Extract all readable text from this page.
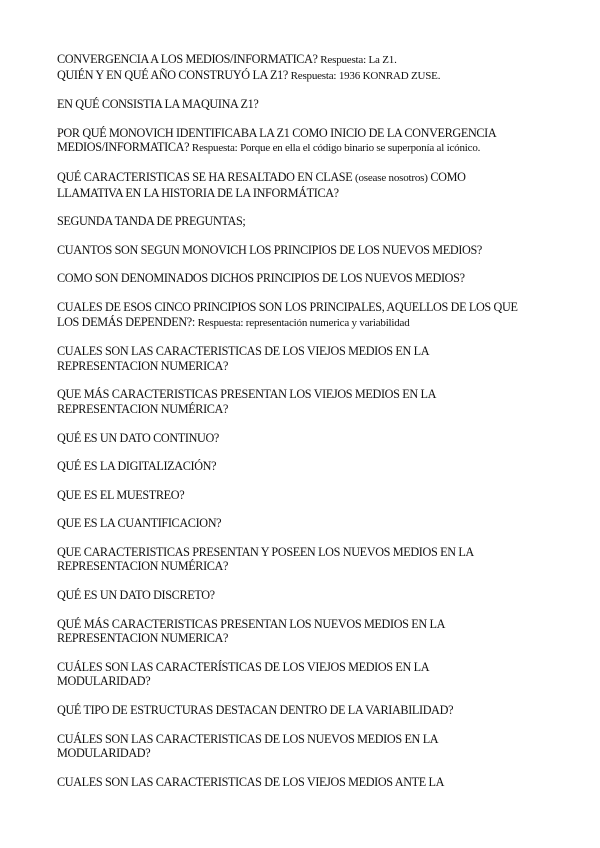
CONVERGENCIA A LOS MEDIOS/INFORMATICA? Respuesta: La Z1.
QUIÉN Y EN QUÉ AÑO CONSTRUYÓ LA Z1? Respuesta: 1936 KONRAD ZUSE.

EN QUÉ CONSISTIA LA MAQUINA Z1?

POR QUÉ MONOVICH IDENTIFICABA LA Z1 COMO INICIO DE LA CONVERGENCIA
MEDIOS/INFORMATICA? Respuesta: Porque en ella el código binario se superponía al icónico.

QUÉ CARACTERISTICAS SE HA RESALTADO EN CLASE (osease nosotros) COMO
LLAMATIVA EN LA HISTORIA DE LA INFORMÁTICA?

SEGUNDA TANDA DE PREGUNTAS;

CUANTOS SON SEGUN MONOVICH LOS PRINCIPIOS DE LOS NUEVOS MEDIOS?

COMO SON DENOMINADOS DICHOS PRINCIPIOS DE LOS NUEVOS MEDIOS?

CUALES DE ESOS CINCO PRINCIPIOS SON LOS PRINCIPALES, AQUELLOS DE LOS QUE
LOS DEMÁS DEPENDEN?: Respuesta: representación numerica y variabilidad

CUALES SON LAS CARACTERISTICAS DE LOS VIEJOS MEDIOS EN LA
REPRESENTACION NUMERICA?

QUE MÁS CARACTERISTICAS PRESENTAN LOS VIEJOS MEDIOS EN LA
REPRESENTACION NUMÉRICA?

QUÉ ES UN DATO CONTINUO?

QUÉ ES LA DIGITALIZACIÓN?

QUE ES EL MUESTREO?

QUE ES LA CUANTIFICACION?

QUE CARACTERISTICAS PRESENTAN Y POSEEN LOS NUEVOS MEDIOS EN LA
REPRESENTACION NUMÉRICA?

QUÉ ES UN DATO DISCRETO?

QUÉ MÁS CARACTERISTICAS PRESENTAN LOS NUEVOS MEDIOS EN LA
REPRESENTACION NUMERICA?

CUÁLES SON LAS CARACTERÍSTICAS DE LOS VIEJOS MEDIOS EN LA
MODULARIDAD?

QUÉ TIPO DE ESTRUCTURAS DESTACAN DENTRO DE LA VARIABILIDAD?

CUÁLES SON LAS CARACTERISTICAS DE LOS NUEVOS MEDIOS EN LA
MODULARIDAD?

CUALES SON LAS CARACTERISTICAS DE LOS VIEJOS MEDIOS ANTE LA
